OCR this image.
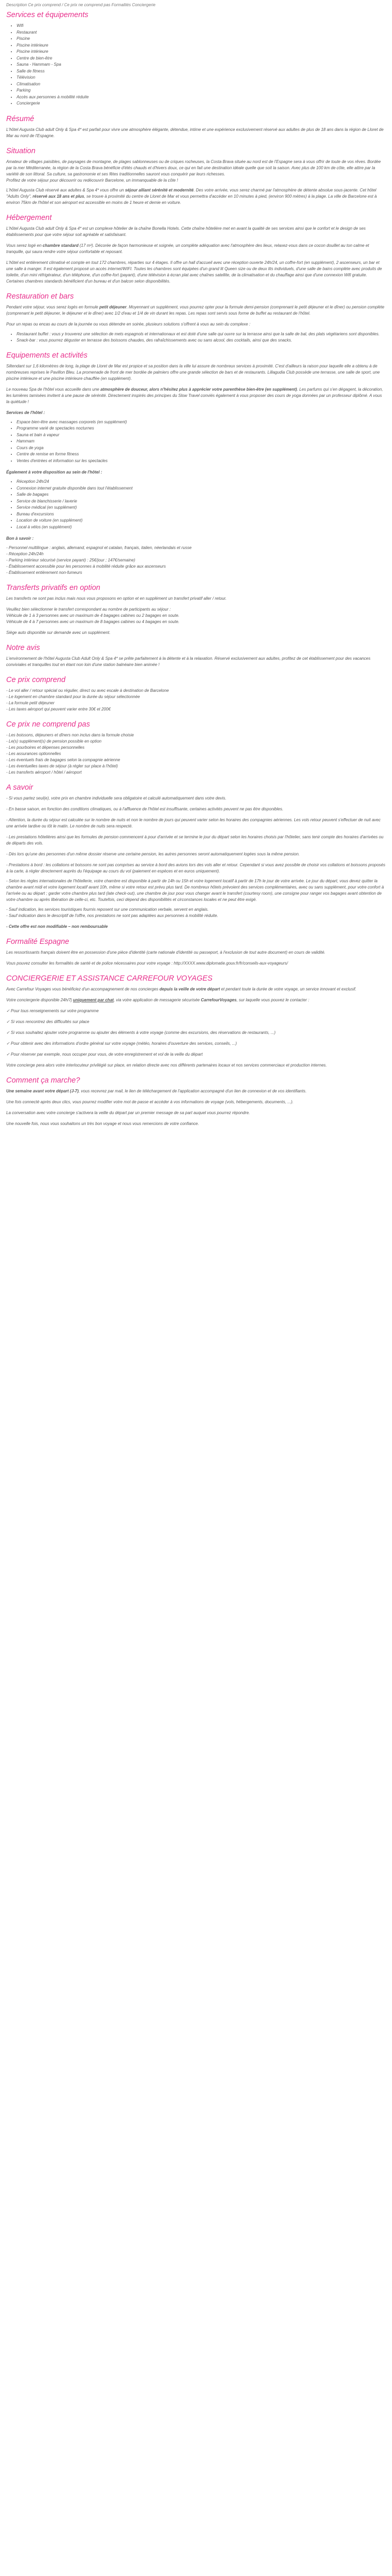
Description Ce prix comprend / Ce prix ne comprend pas Formalités Conciergerie
Services et équipements
• Wifi
• Restaurant
• Piscine
• Piscine intérieure
• Piscine intérieure
• Centre de bien-être
• Sauna - Hammam - Spa
• Salle de fitness
• Télévision
• Climatisation
• Parking
• Accès aux personnes à mobilité réduite
• Conciergerie
Résumé

L'hôtel Augusta Club adult Only & Spa 4* est parfait pour vivre une atmosphère élégante, détendue, intime et une expérience exclusivement réservé aux adultes de plus de 18 ans dans la région de Lloret de Mar au nord de l'Espagne.

Situation

Amateur de villages paisibles, de paysages de montagne, de plages sablonneuses ou de criques rocheuses, la Costa Brava située au nord est de l'Espagne sera à vous offrir de toute de vos rêves. Bordée par la mer Méditerranée, la région de la Costa Brava bénéficie d'étés chauds et d'hivers doux, ce qui en fait une destination idéale quelle que soit la saison. Avec plus de 100 km de côte, elle attire par la variété de son littoral. Sa culture, sa gastronomie et ses fêtes traditionnelles sauront vous conquérir par leurs richesses.
Profitez de votre séjour pour découvrir ou redécouvrir Barcelone, un immanquable de la côte !

L'hôtel Augusta Club réservé aux adultes & Spa 4* vous offre un séjour alliant sérénité et modernité. Des votre arrivée, vous serez charmé par l'atmosphère de détente absolue sous-jacente. Cet hôtel "Adults Only", réservé aux 18 ans et plus, se trouve à proximité du centre de Lloret de Mar et vous permettra d'accéder en 10 minutes à pied, (environ 900 mètres) à la plage. La ville de Barcelone est à environ 75km de l'hôtel et son aéroport est accessible en moins de 1 heure et demie en voiture.

Hébergement

L'hôtel Augusta Club adult Only & Spa 4* est un complexe hôtelier de la chaîne Bonella Hotels. Cette chaîne hôtelière met en avant la qualité de ses services ainsi que le confort et le design de ses établissements pour que votre séjour soit agréable et satisfaisant.

Vous serez logé en chambre standard (17 m²). Décorée de façon harmonieuse et soignée, un complète adéquation avec l'atmosphère des lieux, relaxez-vous dans ce cocon douillet au ton calme et tranquille, qui saura rendre votre séjour confortable et reposant.

L'hôtel est entièrement climatisé et compte en tout 172 chambres, réparties sur 4 étages. Il offre un hall d'accueil avec une réception ouverte 24h/24, un coffre-fort (en supplément), 2 ascenseurs, un bar et une salle à manger. Il est également proposé un accès internet/WIFI. Toutes les chambres sont équipées d'un grand lit Queen size ou de deux lits individuels, d'une salle de bains complète avec produits de toilette, d'un mini réfrigérateur, d'un téléphone, d'un coffre-fort (payant), d'une télévision à écran plat avec chaînes satellite, de la climatisation et du chauffage ainsi que d'une connexion Wifi gratuite. Certaines chambres standards bénéficient d'un bureau et d'un balcon selon disponibilités.

Restauration et bars

Pendant votre séjour, vous serez logés en formule petit déjeuner. Moyennant un supplément, vous pourrez opter pour la formule demi-pension (comprenant le petit déjeuner et le dîner) ou pension complète (comprenant le petit déjeuner, le déjeuner et le dîner) avec 1/2 d'eau et 1/4 de vin durant les repas. Les repas sont servis sous forme de buffet au restaurant de l'hôtel.

Pour un repas ou encas au cours de la journée ou vous détendre en soirée, plusieurs solutions s'offrent à vous au sein du complexe :

• Restaurant buffet : vous y trouverez une sélection de mets espagnols et internationaux et est doté d'une salle qui ouvre sur la terrasse ainsi que la salle de bal, des plats végétariens sont disponibles.
• Snack-bar : vous pourrez déguster en terrasse des boissons chaudes, des rafraîchissements avec ou sans alcool, des cocktails, ainsi que des snacks.
Equipements et activités

Siltendant sur 1,6 kilomètres de long, la plage de Lloret de Mar est propice et sa position dans la ville lui assure de nombreux services à proximité. C'est d'ailleurs la raison pour laquelle elle a obtenu à de nombreuses reprises le Pavillon Bleu. La promenade de front de mer bordée de palmiers offre une grande sélection de bars et de restaurants. Lillagudia Club possède une terrasse, une salle de sport, une piscine intérieure et une piscine intérieure chauffée (en supplément).

Le nouveau Spa de l'hôtel vous accueille dans une atmosphère de douceur, alors n'hésitez plus à apprécier votre parenthèse bien-être (en supplément). Les parfums qui s'en dégagent, la décoration, les lumières tamisées invitent à une pause de sérénité. Directement inspirés des principes du Slow Travel conviés également à vous proposer des cours de yoga données par un professeur diplômé. A vous la quiétude !

Services de l'hôtel :
• Espace bien-être avec massages corporels (en supplément)
• Programme varié de spectacles nocturnes
• Sauna et bain à vapeur
• Hammam
• Cours de yoga
• Centre de remise en forme fitness
• Ventes d'entrées et information sur les spectacles
Également à votre disposition au sein de l'hôtel :
• Réception 24h/24
• Connexion internet gratuite disponible dans tout l'établissement
• Salle de bagages
• Service de blanchisserie / laverie
• Service médical (en supplément)
• Bureau d'excursions
• Location de voiture (en supplément)
• Local à vélos (en supplément)
Bon à savoir :

- Personnel multilingue : anglais, allemand, espagnol et catalan, français, italien, néerlandais et russe

- Réception 24h/24h

- Parking intérieur sécurisé (service payant) : 25€/jour ; 147€/semaine)

- Établissement accessible pour les personnes à mobilité réduite grâce aux ascenseurs

- Établissement entièrement non-fumeurs

Transferts privatifs en option

Les transferts ne sont pas inclus mais nous vous proposons en option et en supplément un transfert privatif aller / retour.

Veuillez bien sélectionner le transfert correspondant au nombre de participants au séjour :

Véhicule de 1 à 3 personnes avec un maximum de 4 bagages cabines ou 2 bagages en soute.

Véhicule de 4 à 7 personnes avec un maximum de 8 bagages cabines ou 4 bagages en soute.

Siège auto disponible sur demande avec un supplément.

Notre avis

L'environnement de l'hôtel Augusta Club Adult Only & Spa 4* se prête parfaitement à la détente et à la relaxation. Réservé exclusivement aux adultes, profitez de cet établissement pour des vacances conviviales et tranquilles tout en étant non loin d'une station balnéaire bien animée !

Ce prix comprend

- Le vol aller / retour spécial ou régulier, direct ou avec escale à destination de Barcelone

- Le logement en chambre standard pour la durée du séjour sélectionnée

- La formule petit déjeuner

- Les taxes aéroport qui peuvent varier entre 30€ et 200€

Ce prix ne comprend pas

- Les boissons, déjeuners et dîners non inclus dans la formule choisie

- Le(s) supplément(s) de pension possible en option

- Les pourboires et dépenses personnelles

- Les assurances optionnelles

- Les éventuels frais de bagages selon la compagnie aérienne

- Les éventuelles taxes de séjour (à régler sur place à l'hôtel)

- Les transferts aéroport / hôtel / aéroport

A savoir

- Si vous partez seul(e), votre prix en chambre individuelle sera obligatoire et calculé automatiquement dans votre devis.

- En basse saison, en fonction des conditions climatiques, ou à l'affluence de l'hôtel est insuffisante, certaines activités peuvent ne pas être disponibles.

- Attention, la durée du séjour est calculée sur le nombre de nuits et non le nombre de jours qui peuvent varier selon les horaires des compagnies aériennes. Les vols retour peuvent s'effectuer de nuit avec une arrivée tardive ou tôt le matin. Le nombre de nuits sera respecté.

- Les prestations hôtelières ainsi que les formules de pension commencent à pour d'arrivée et se termine le jour du départ selon les horaires choisis par l'hôtelier, sans tenir compte des horaires d'arrivées ou de départs des vols.

- Dès lors qu'une des personnes d'un même dossier réserve une certaine pension, les autres personnes seront automatiquement logées sous la même pension.

- Prestations à bord : les collations et boissons ne sont pas comprises au service à bord des avions lors des vols aller et retour. Cependant si vous avez possible de choisir vos collations et boissons proposés à la carte, à régler directement auprès du l'équipage au cours du vol (paiement en espèces et en euros uniquement).

- Selon les règles internationales de l'hôtellerie, votre chambre est disponible à partir de 14h ou 15h et votre logement locatif à partir de 17h le jour de votre arrivée. Le jour du départ, vous devez quitter la chambre avant midi et votre logement locatif avant 10h, même si votre retour est prévu plus tard. De nombreux hôtels prévoient des services complémentaires, avec ou sans supplément, pour votre confort à l'arrivée ou au départ ; garder votre chambre plus tard (late check-out), une chambre de jour pour vous changer avant le transfert (courtesy room), une consigne pour ranger vos bagages avant obtention de votre chambre ou après libération de celle-ci, etc. Toutefois, ceci dépend des disponibilités et circonstances locales et ne peut être exigé.

- Sauf indication, les services touristiques fournis reposent sur une communication verbale, servent en anglais.

- Sauf indication dans le descriptif de l'offre, nos prestations ne sont pas adaptées aux personnes à mobilité réduite.

- Cette offre est non modifiable – non remboursable

Formalité Espagne

Les ressortissants français doivent être en possession d'une pièce d'identité (carte nationale d'identité ou passeport, à l'exclusion de tout autre document) en cours de validité.

Vous pouvez consulter les formalités de santé et de police nécessaires pour votre voyage : http://XXXX.www.diplomatie.gouv.fr/fr/conseils-aux-voyageurs/

CONCIERGERIE ET ASSISTANCE CARREFOUR VOYAGES

Avec Carrefour Voyages vous bénéficiez d'un accompagnement de nos concierges depuis la veille de votre départ et pendant toute la durée de votre voyage, un service innovant et exclusif.

Votre conciergerie disponible 24h/7j uniquement par chat, via votre application de messagerie sécurisée CarrefourVoyages, sur laquelle vous pouvez le contacter :

✓ Pour tous renseignements sur votre programme

✓ Si vous rencontrez des difficultés sur place

✓ Si vous souhaitez ajouter votre programme ou ajouter des éléments à votre voyage (comme des excursions, des réservations de restaurants, ...)

✓ Pour obtenir avec des informations d'ordre général sur votre voyage (météo, horaires d'ouverture des services, conseils, ...)

✓ Pour réserver par exemple, nous occuper pour vous, de votre enregistrement et vol de la veille du départ

Votre concierge pera alors votre interlocuteur privilégié sur place, en relation directe avec nos différents partenaires locaux et nos services commerciaux et production internes.

Comment ça marche?

Une semaine avant votre départ (J-7), vous recevrez par mail, le lien de téléchargement de l'application accompagné d'un lien de connexion et de vos identifiants.

Une fois connecté après deux clics, vous pourrez modifier votre mot de passe et accéder à vos informations de voyage (vols, hébergements, documents, ...).

La conversation avec votre concierge s'activera la veille du départ par un premier message de sa part auquel vous pourrez répondre.

Une nouvelle fois, nous vous souhaitons un très bon voyage et nous vous remercions de votre confiance.
